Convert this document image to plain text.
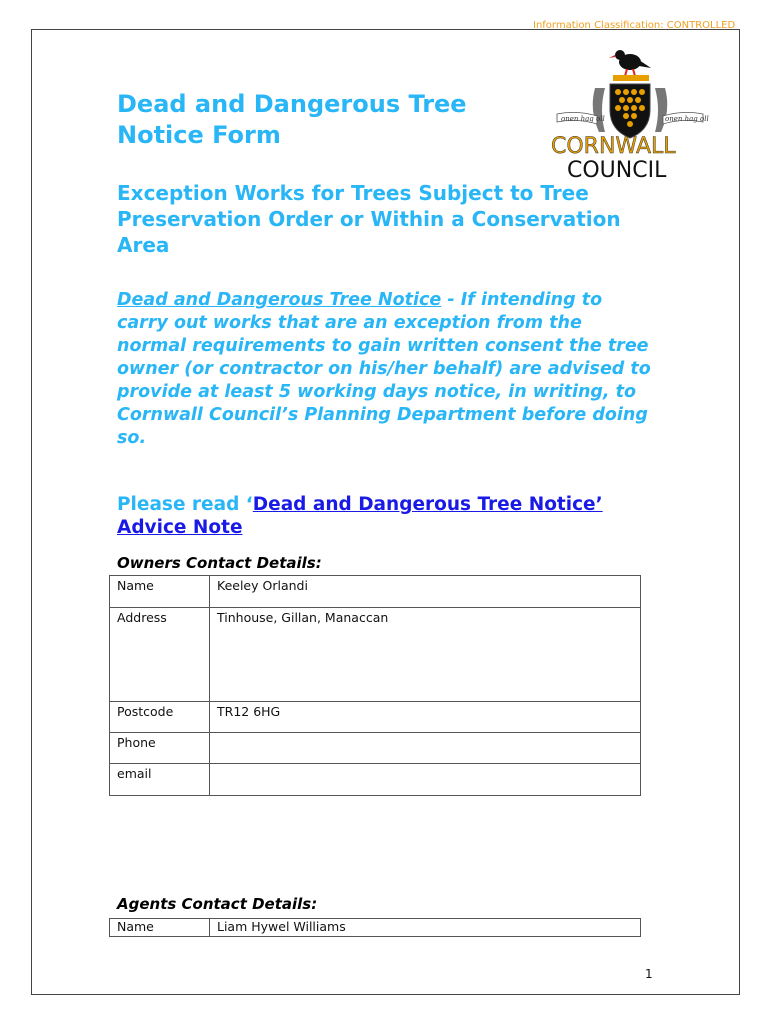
Information Classification: CONTROLLED
onen hag oll	onen hag oll
CORNWALL
COUNCIL
Dead and Dangerous Tree Notice Form
Exception Works for Trees Subject to Tree Preservation Order or Within a Conservation Area
Dead and Dangerous Tree Notice - If intending to carry out works that are an exception from the normal requirements to gain written consent the tree owner (or contractor on his/her behalf) are advised to provide at least 5 working days notice, in writing, to Cornwall Council’s Planning Department before doing so.
Please read ‘Dead and Dangerous Tree Notice’ Advice Note
Owners Contact Details:
Name	Keeley Orlandi
Address	Tinhouse, Gillan, Manaccan
Postcode	TR12 6HG
Phone	
email	
Agents Contact Details:
Name	Liam Hywel Williams
1
